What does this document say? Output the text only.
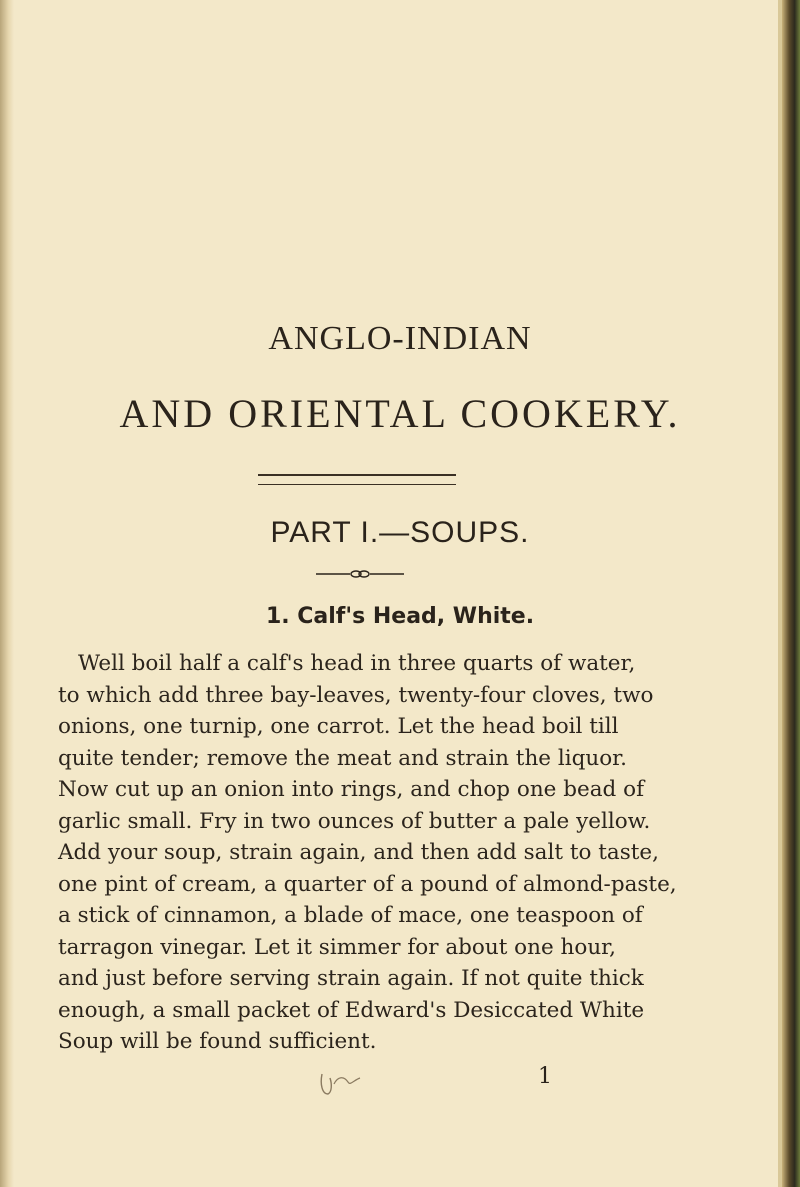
ANGLO-INDIAN
AND ORIENTAL COOKERY.
PART I.—SOUPS.
1. Calf's Head, White.
Well boil half a calf's head in three quarts of water,
to which add three bay-leaves, twenty-four cloves, two
onions, one turnip, one carrot. Let the head boil till
quite tender; remove the meat and strain the liquor.
Now cut up an onion into rings, and chop one bead of
garlic small. Fry in two ounces of butter a pale yellow.
Add your soup, strain again, and then add salt to taste,
one pint of cream, a quarter of a pound of almond-paste,
a stick of cinnamon, a blade of mace, one teaspoon of
tarragon vinegar. Let it simmer for about one hour,
and just before serving strain again. If not quite thick
enough, a small packet of Edward's Desiccated White
Soup will be found sufficient.
1
